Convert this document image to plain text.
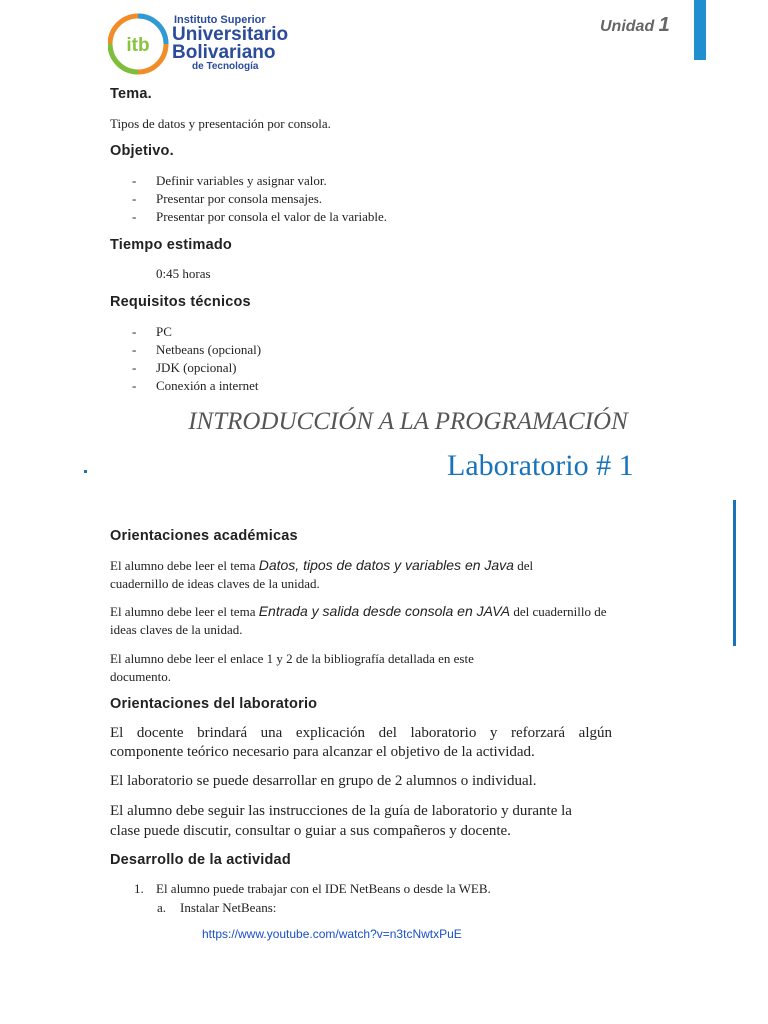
itb
Instituto Superior
Universitario
Bolivariano
de Tecnología
Unidad 1
Tema.
Tipos de datos y presentación por consola.
Objetivo.
- Definir variables y asignar valor.
- Presentar por consola mensajes.
- Presentar por consola el valor de la variable.
Tiempo estimado
0:45 horas
Requisitos técnicos
- PC
- Netbeans (opcional)
- JDK (opcional)
- Conexión a internet
INTRODUCCIÓN A LA PROGRAMACIÓN
Laboratorio # 1
Orientaciones académicas
El alumno debe leer el tema Datos, tipos de datos y variables en Java del
cuadernillo de ideas claves de la unidad.
El alumno debe leer el tema Entrada y salida desde consola en JAVA del cuadernillo de
ideas claves de la unidad.
El alumno debe leer el enlace 1 y 2 de la bibliografía detallada en este
documento.
Orientaciones del laboratorio
El docente brindará una explicación del laboratorio y reforzará algún
componente teórico necesario para alcanzar el objetivo de la actividad.
El laboratorio se puede desarrollar en grupo de 2 alumnos o individual.
El alumno debe seguir las instrucciones de la guía de laboratorio y durante la
clase puede discutir, consultar o guiar a sus compañeros y docente.
Desarrollo de la actividad
1. El alumno puede trabajar con el IDE NetBeans o desde la WEB.
a. Instalar NetBeans:
https://www.youtube.com/watch?v=n3tcNwtxPuE
